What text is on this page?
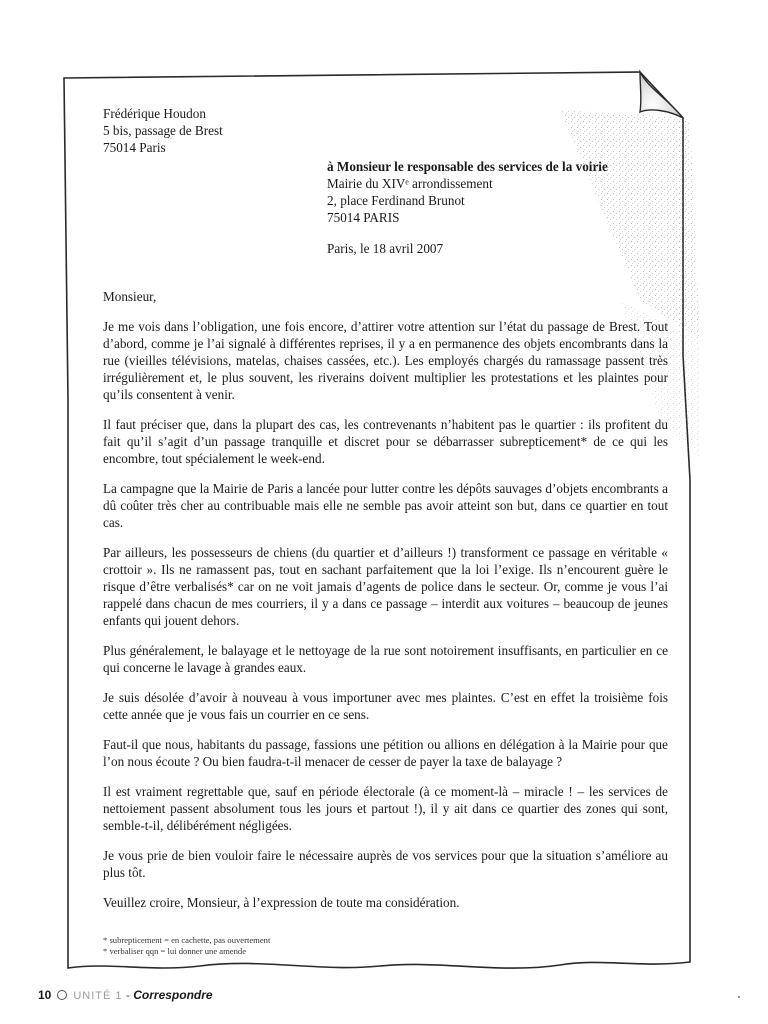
Frédérique Houdon
5 bis, passage de Brest
75014 Paris
à Monsieur le responsable des services de la voirie
Mairie du XIVᵉ arrondissement
2, place Ferdinand Brunot
75014 PARIS
Paris, le 18 avril 2007
Monsieur,

Je me vois dans l’obligation, une fois encore, d’attirer votre attention sur l’état du passage de Brest. Tout d’abord, comme je l’ai signalé à différentes reprises, il y a en permanence des objets encombrants dans la rue (vieilles télévisions, matelas, chaises cassées, etc.). Les employés chargés du ramassage passent très irrégulièrement et, le plus souvent, les riverains doivent multiplier les protestations et les plaintes pour qu’ils consentent à venir.

Il faut préciser que, dans la plupart des cas, les contrevenants n’habitent pas le quartier : ils profitent du fait qu’il s’agit d’un passage tranquille et discret pour se débarrasser subrepticement* de ce qui les encombre, tout spécialement le week-end.

La campagne que la Mairie de Paris a lancée pour lutter contre les dépôts sauvages d’objets encombrants a dû coûter très cher au contribuable mais elle ne semble pas avoir atteint son but, dans ce quartier en tout cas.

Par ailleurs, les possesseurs de chiens (du quartier et d’ailleurs !) transforment ce passage en véritable « crottoir ». Ils ne ramassent pas, tout en sachant parfaitement que la loi l’exige. Ils n’encourent guère le risque d’être verbalisés* car on ne voit jamais d’agents de police dans le secteur. Or, comme je vous l’ai rappelé dans chacun de mes courriers, il y a dans ce passage – interdit aux voitures – beaucoup de jeunes enfants qui jouent dehors.

Plus généralement, le balayage et le nettoyage de la rue sont notoirement insuffisants, en particulier en ce qui concerne le lavage à grandes eaux.

Je suis désolée d’avoir à nouveau à vous importuner avec mes plaintes. C’est en effet la troisième fois cette année que je vous fais un courrier en ce sens.

Faut-il que nous, habitants du passage, fassions une pétition ou allions en délégation à la Mairie pour que l’on nous écoute ? Ou bien faudra-t-il menacer de cesser de payer la taxe de balayage ?

Il est vraiment regrettable que, sauf en période électorale (à ce moment-là – miracle ! – les services de nettoiement passent absolument tous les jours et partout !), il y ait dans ce quartier des zones qui sont, semble-t-il, délibérément négligées.

Je vous prie de bien vouloir faire le nécessaire auprès de vos services pour que la situation s’améliore au plus tôt.

Veuillez croire, Monsieur, à l’expression de toute ma considération.

* subrepticement = en cachette, pas ouvertement
* verbaliser qqn = lui donner une amende
10 UNITÉ 1 - Correspondre
